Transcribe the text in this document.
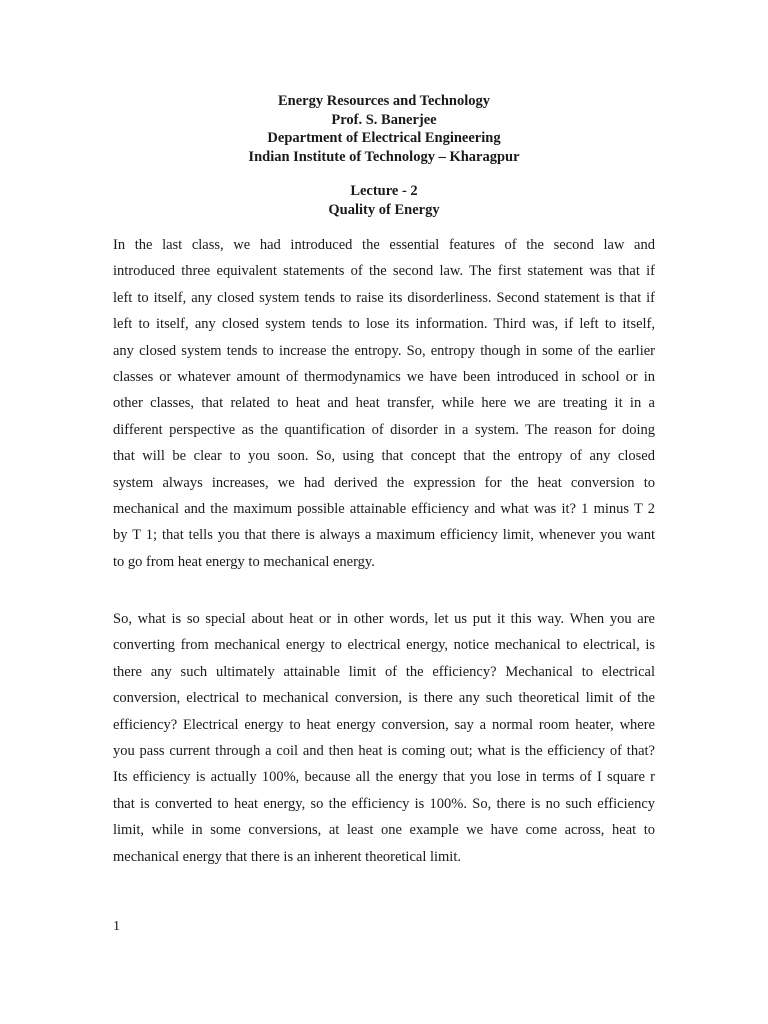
Energy Resources and Technology
Prof. S. Banerjee
Department of Electrical Engineering
Indian Institute of Technology – Kharagpur
Lecture - 2
Quality of Energy
In the last class, we had introduced the essential features of the second law and
introduced three equivalent statements of the second law. The first statement was that if
left to itself, any closed system tends to raise its disorderliness. Second statement is that if
left to itself, any closed system tends to lose its information. Third was, if left to itself,
any closed system tends to increase the entropy. So, entropy though in some of the earlier
classes or whatever amount of thermodynamics we have been introduced in school or in
other classes, that related to heat and heat transfer, while here we are treating it in a
different perspective as the quantification of disorder in a system. The reason for doing
that will be clear to you soon. So, using that concept that the entropy of any closed
system always increases, we had derived the expression for the heat conversion to
mechanical and the maximum possible attainable efficiency and what was it? 1 minus T 2
by T 1; that tells you that there is always a maximum efficiency limit, whenever you want
to go from heat energy to mechanical energy.
So, what is so special about heat or in other words, let us put it this way. When you are
converting from mechanical energy to electrical energy, notice mechanical to electrical, is
there any such ultimately attainable limit of the efficiency? Mechanical to electrical
conversion, electrical to mechanical conversion, is there any such theoretical limit of the
efficiency? Electrical energy to heat energy conversion, say a normal room heater, where
you pass current through a coil and then heat is coming out; what is the efficiency of that?
Its efficiency is actually 100%, because all the energy that you lose in terms of I square r
that is converted to heat energy, so the efficiency is 100%. So, there is no such efficiency
limit, while in some conversions, at least one example we have come across, heat to
mechanical energy that there is an inherent theoretical limit.
1
